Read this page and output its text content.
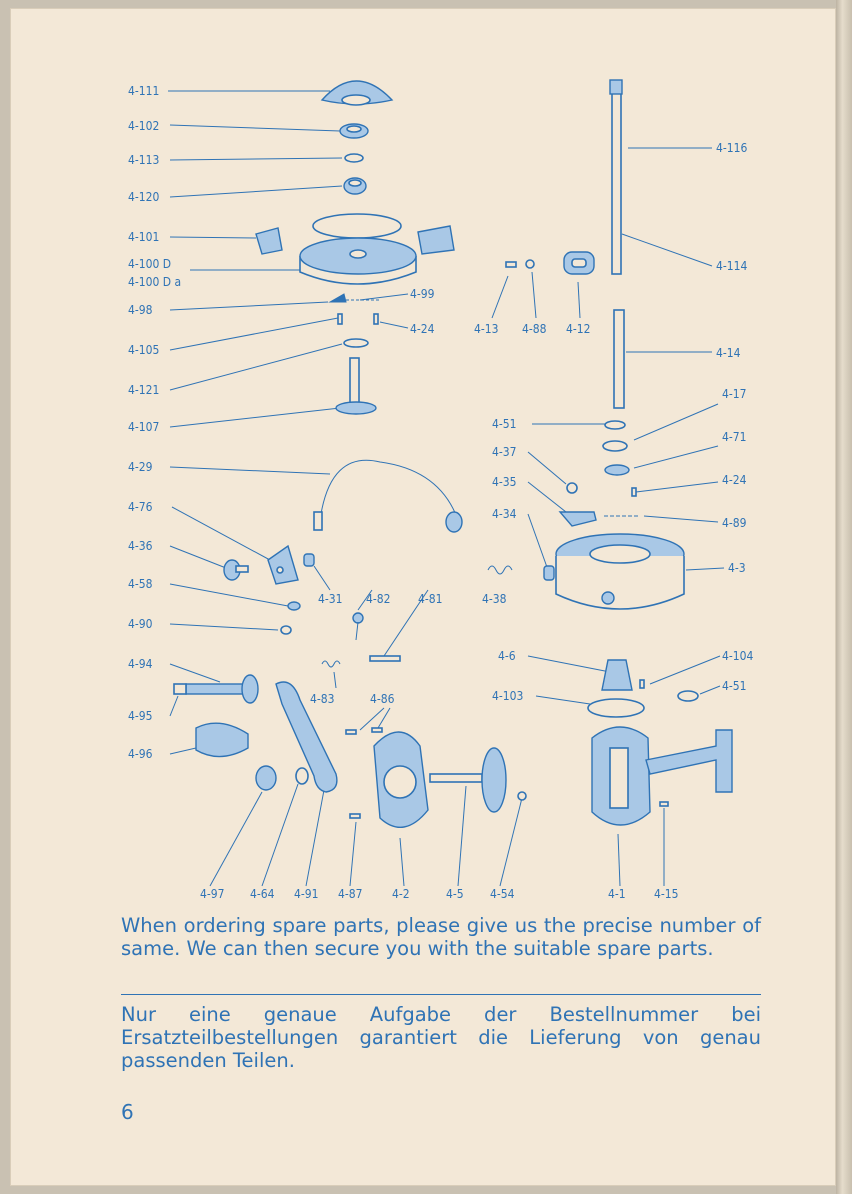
4-111
4-102
4-113
4-120
4-101
4-100 D
4-100 D a
4-98
4-99
4-24
4-105
4-121
4-107
4-29
4-76
4-36
4-58
4-90
4-94
4-95
4-96
4-31 4-82 4-81	4-38
4-83	4-86
4-13 4-88 4-12
4-51
4-37
4-35
4-34
4-6
4-103
4-116
4-114
4-14
4-17
4-71
4-24
4-89
4-3
4-104
4-51
4-97 4-64 4-91 4-87 4-2	4-5 4-54	4-1 4-15
When ordering spare parts, please give us the precise number of same. We can then secure you with the suitable spare parts.
Nur eine genaue Aufgabe der Bestellnummer bei Ersatzteilbestellungen garantiert die Lieferung von genau passenden Teilen.
6
